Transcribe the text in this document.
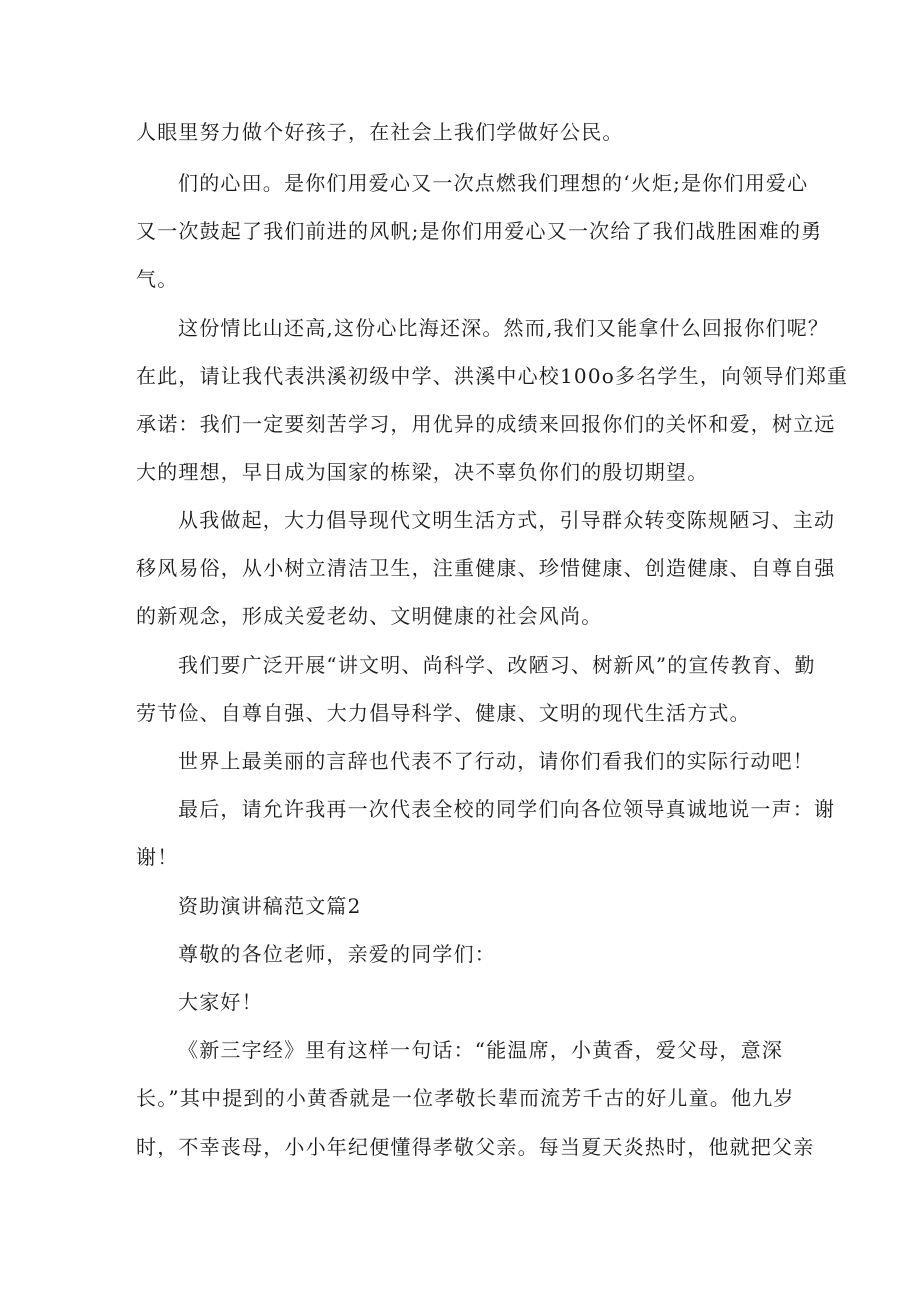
人眼里努力做个好孩子，在社会上我们学做好公民。
们的心田。是你们用爱心又一次点燃我们理想的‘火炬;是你们用爱心
又一次鼓起了我们前进的风帆;是你们用爱心又一次给了我们战胜困难的勇
气。
这份情比山还高,这份心比海还深。然而,我们又能拿什么回报你们呢？
在此，请让我代表洪溪初级中学、洪溪中心校100o多名学生，向领导们郑重
承诺：我们一定要刻苦学习，用优异的成绩来回报你们的关怀和爱，树立远
大的理想，早日成为国家的栋梁，决不辜负你们的殷切期望。
从我做起，大力倡导现代文明生活方式，引导群众转变陈规陋习、主动
移风易俗，从小树立清洁卫生，注重健康、珍惜健康、创造健康、自尊自强
的新观念，形成关爱老幼、文明健康的社会风尚。
我们要广泛开展“讲文明、尚科学、改陋习、树新风”的宣传教育、勤
劳节俭、自尊自强、大力倡导科学、健康、文明的现代生活方式。
世界上最美丽的言辞也代表不了行动，请你们看我们的实际行动吧！
最后，请允许我再一次代表全校的同学们向各位领导真诚地说一声：谢
谢！
资助演讲稿范文篇2
尊敬的各位老师，亲爱的同学们：
大家好！
《新三字经》里有这样一句话：“能温席，小黄香，爱父母，意深
长。”其中提到的小黄香就是一位孝敬长辈而流芳千古的好儿童。他九岁
时，不幸丧母，小小年纪便懂得孝敬父亲。每当夏天炎热时，他就把父亲
